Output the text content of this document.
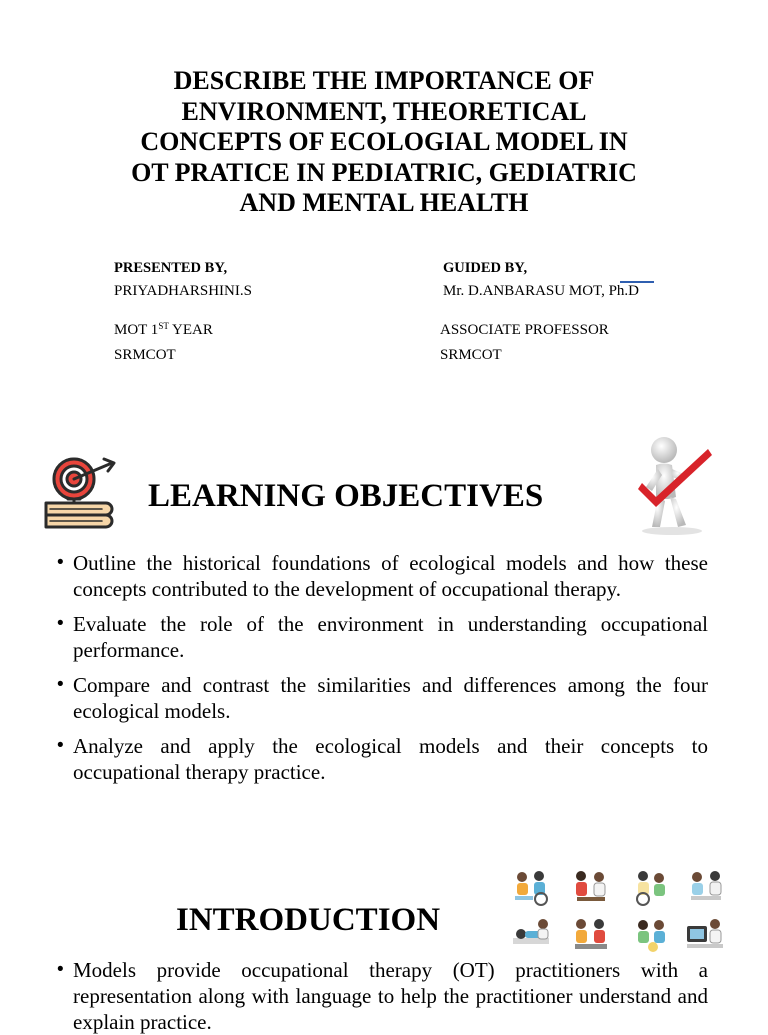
DESCRIBE THE IMPORTANCE OF
ENVIRONMENT, THEORETICAL
CONCEPTS OF ECOLOGIAL MODEL IN
OT PRATICE IN PEDIATRIC, GEDIATRIC
AND MENTAL HEALTH
PRESENTED BY,
PRIYADHARSHINI.S
MOT 1ST YEAR
SRMCOT
GUIDED BY,
Mr. D.ANBARASU MOT, Ph.D
ASSOCIATE PROFESSOR
SRMCOT
LEARNING OBJECTIVES
• Outline the historical foundations of ecological models and how these concepts contributed to the development of occupational therapy.
• Evaluate the role of the environment in understanding occupational performance.
• Compare and contrast the similarities and differences among the four ecological models.
• Analyze and apply the ecological models and their concepts to occupational therapy practice.
INTRODUCTION
• Models provide occupational therapy (OT) practitioners with a representation along with language to help the practitioner understand and explain practice.
